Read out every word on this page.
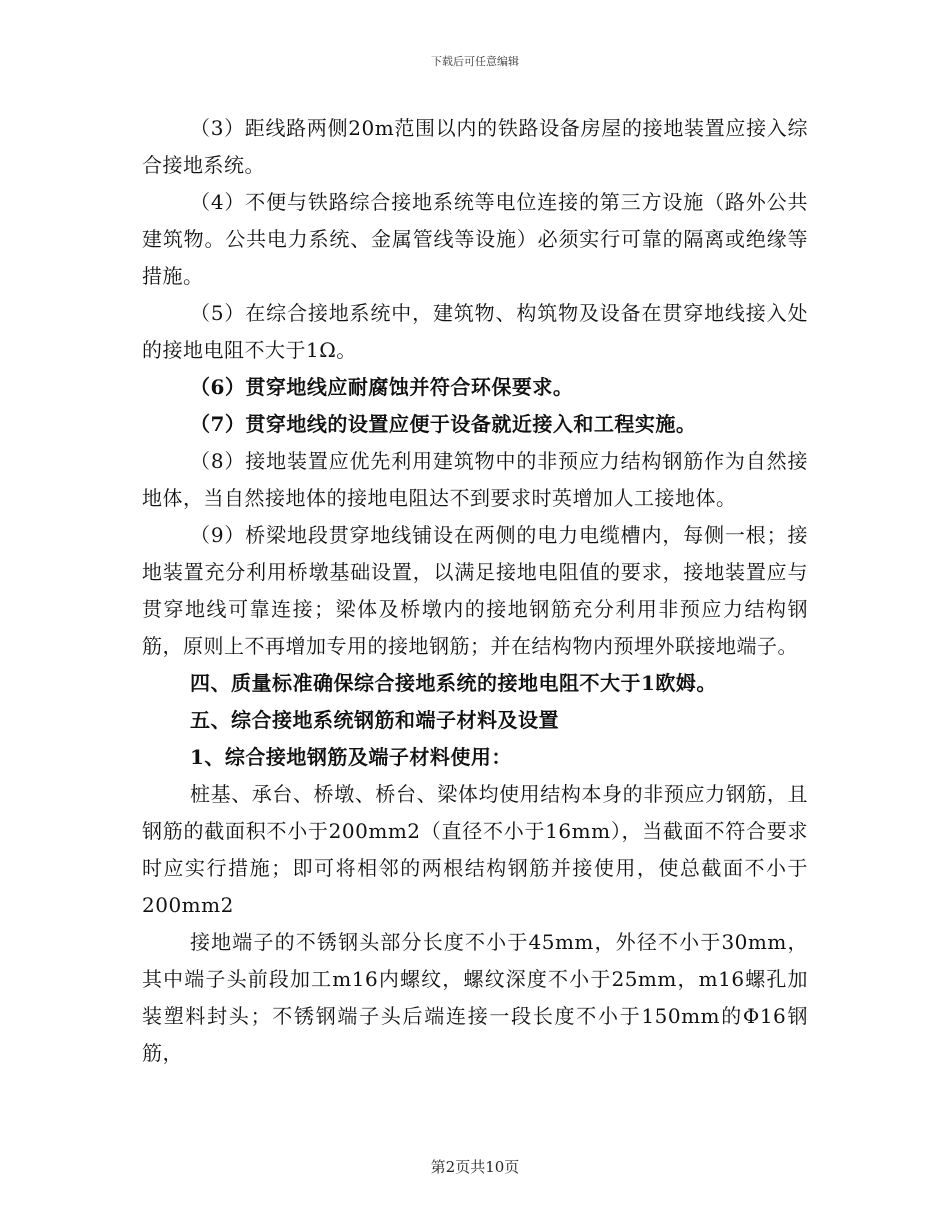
下载后可任意编辑

（3）距线路两侧20m范围以内的铁路设备房屋的接地装置应接入综合接地系统。

（4）不便与铁路综合接地系统等电位连接的第三方设施（路外公共建筑物。公共电力系统、金属管线等设施）必须实行可靠的隔离或绝缘等措施。

（5）在综合接地系统中，建筑物、构筑物及设备在贯穿地线接入处的接地电阻不大于1Ω。

（6）贯穿地线应耐腐蚀并符合环保要求。

（7）贯穿地线的设置应便于设备就近接入和工程实施。

（8）接地装置应优先利用建筑物中的非预应力结构钢筋作为自然接地体，当自然接地体的接地电阻达不到要求时英增加人工接地体。

（9）桥梁地段贯穿地线铺设在两侧的电力电缆槽内，每侧一根；接地装置充分利用桥墩基础设置，以满足接地电阻值的要求，接地装置应与贯穿地线可靠连接；梁体及桥墩内的接地钢筋充分利用非预应力结构钢筋，原则上不再增加专用的接地钢筋；并在结构物内预埋外联接地端子。

四、质量标准确保综合接地系统的接地电阻不大于1欧姆。

五、综合接地系统钢筋和端子材料及设置

1、综合接地钢筋及端子材料使用：

桩基、承台、桥墩、桥台、梁体均使用结构本身的非预应力钢筋，且钢筋的截面积不小于200mm2（直径不小于16mm），当截面不符合要求时应实行措施；即可将相邻的两根结构钢筋并接使用，使总截面不小于200mm2

接地端子的不锈钢头部分长度不小于45mm，外径不小于30mm，其中端子头前段加工m16内螺纹，螺纹深度不小于25mm，m16螺孔加装塑料封头；不锈钢端子头后端连接一段长度不小于150mm的Φ16钢筋，

第2页共10页
